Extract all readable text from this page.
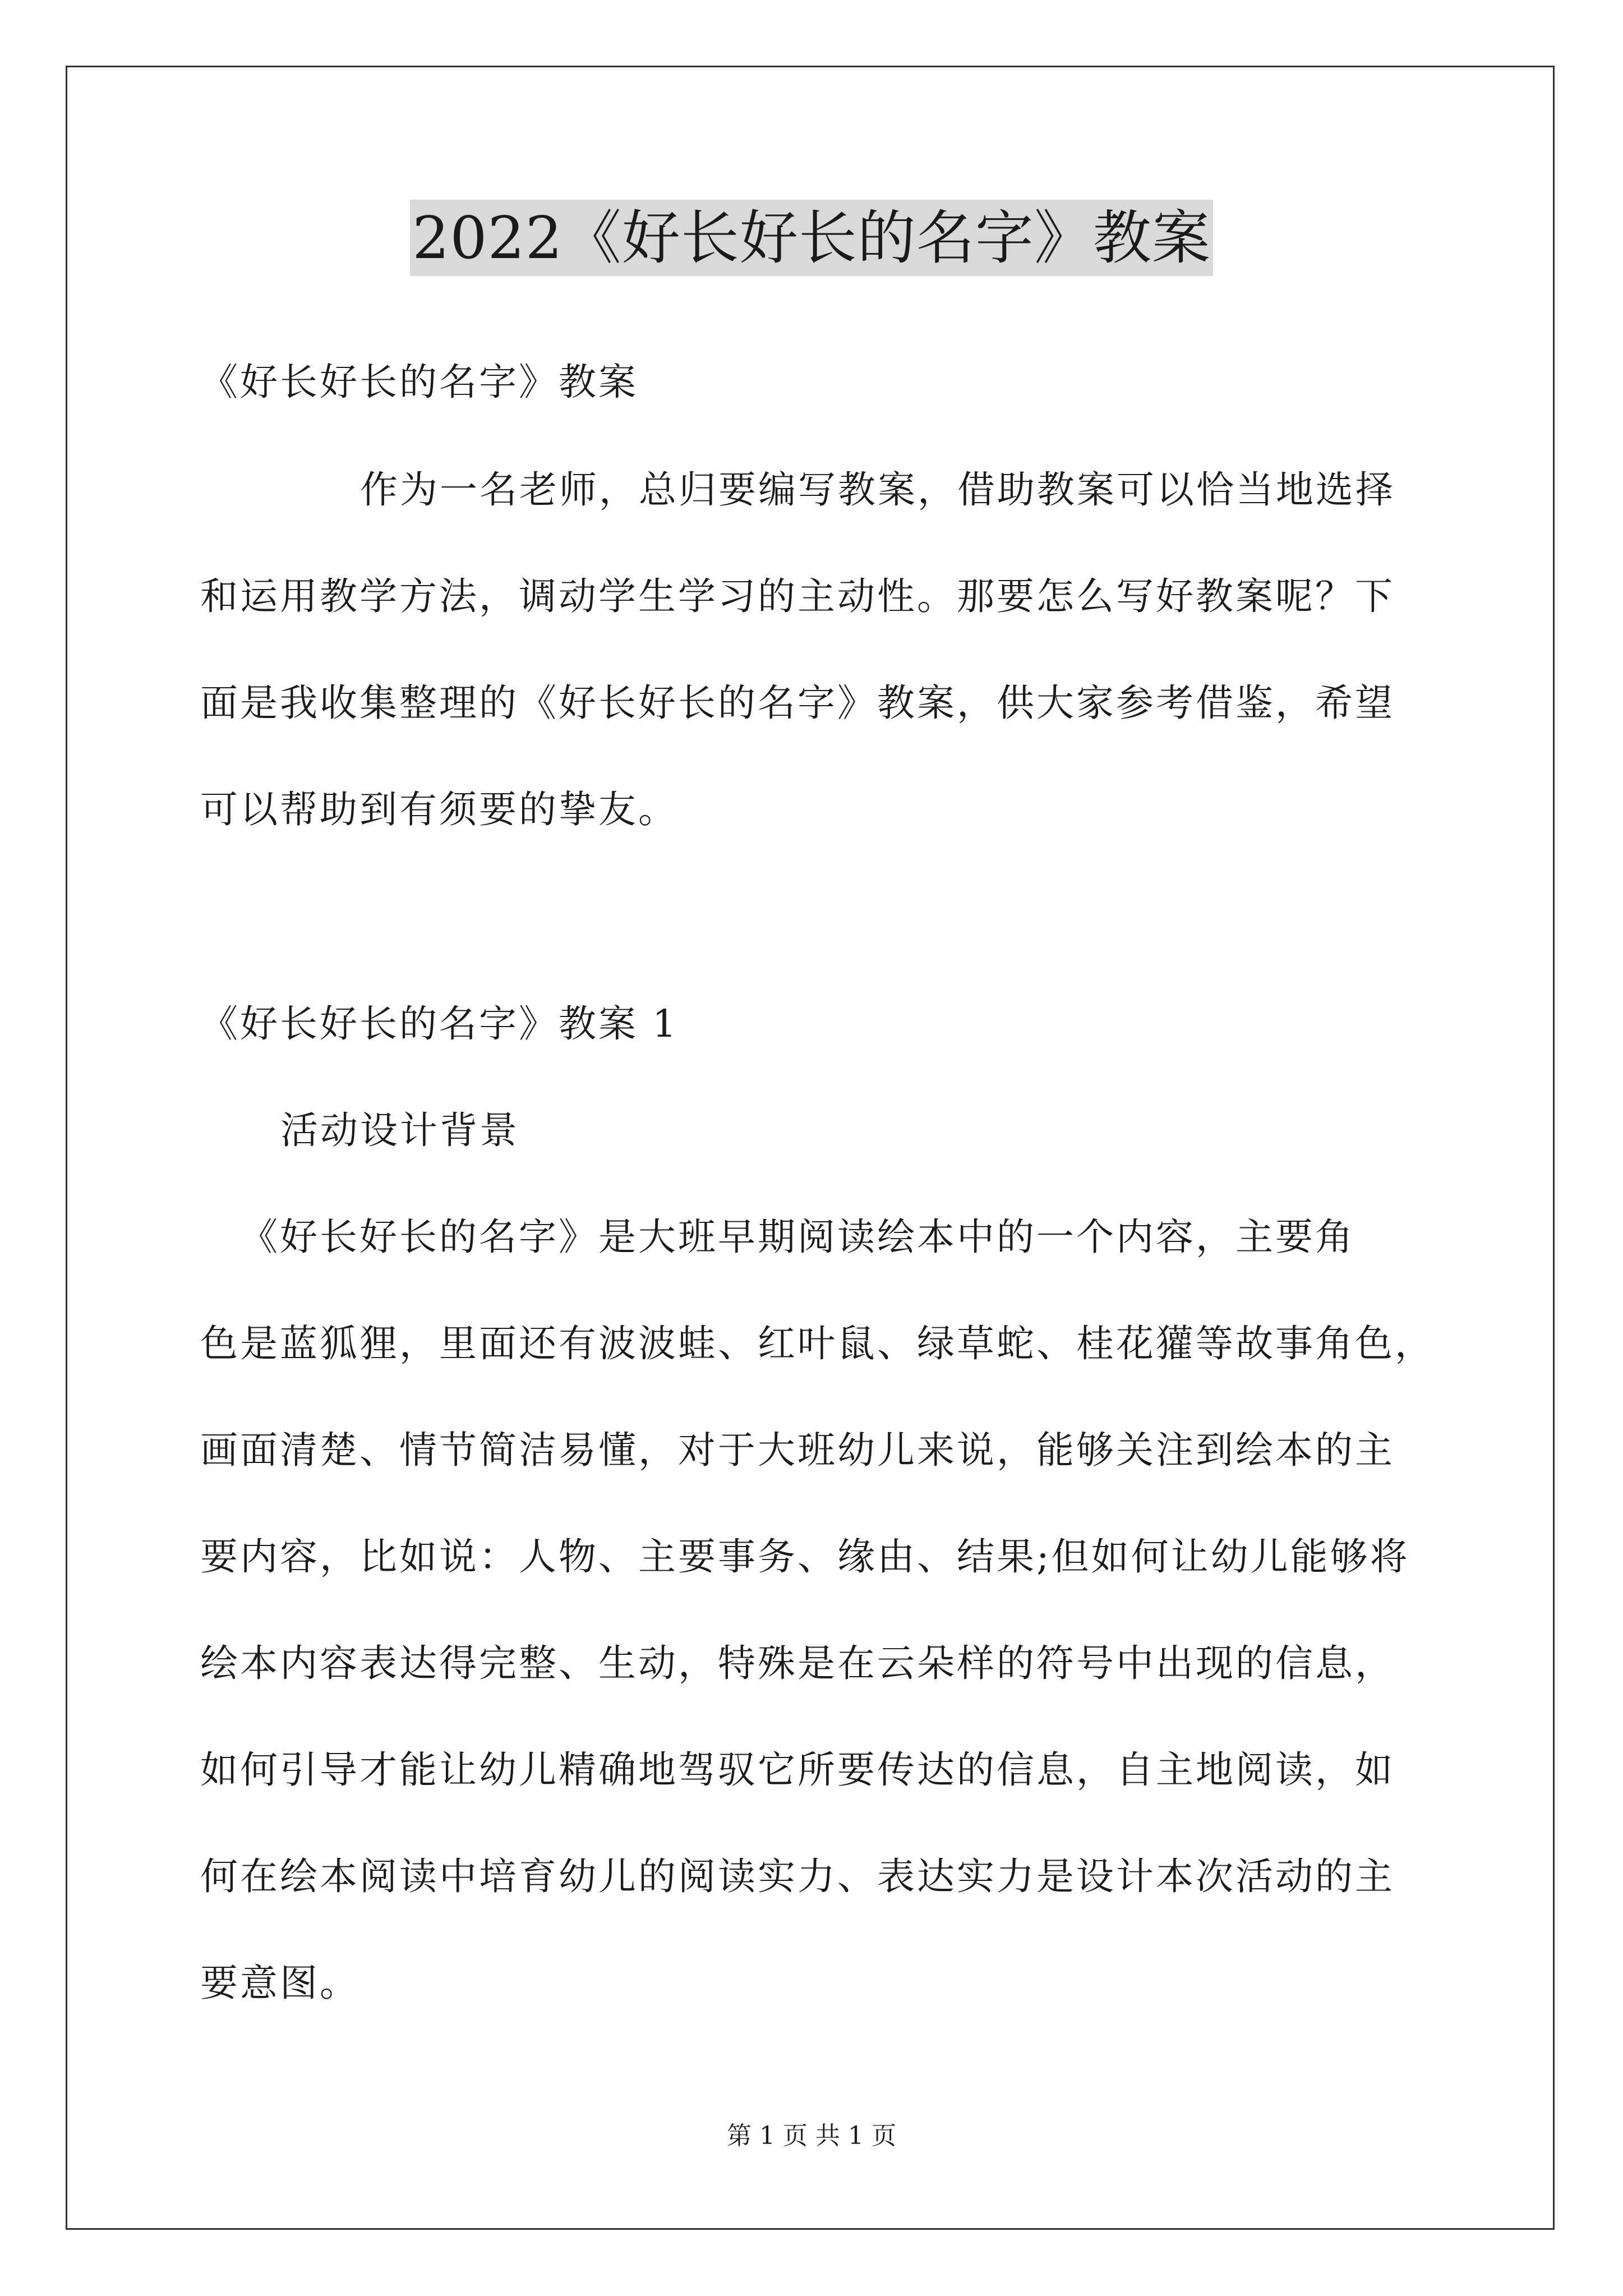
2022《好长好长的名字》教案
《好长好长的名字》教案
作为一名老师，总归要编写教案，借助教案可以恰当地选择
和运用教学方法，调动学生学习的主动性。那要怎么写好教案呢？下
面是我收集整理的《好长好长的名字》教案，供大家参考借鉴，希望
可以帮助到有须要的挚友。
《好长好长的名字》教案 1
活动设计背景
《好长好长的名字》是大班早期阅读绘本中的一个内容，主要角
色是蓝狐狸，里面还有波波蛙、红叶鼠、绿草蛇、桂花獾等故事角色，
画面清楚、情节简洁易懂，对于大班幼儿来说，能够关注到绘本的主
要内容，比如说：人物、主要事务、缘由、结果;但如何让幼儿能够将
绘本内容表达得完整、生动，特殊是在云朵样的符号中出现的信息，
如何引导才能让幼儿精确地驾驭它所要传达的信息，自主地阅读，如
何在绘本阅读中培育幼儿的阅读实力、表达实力是设计本次活动的主
要意图。
第 1 页 共 1 页
